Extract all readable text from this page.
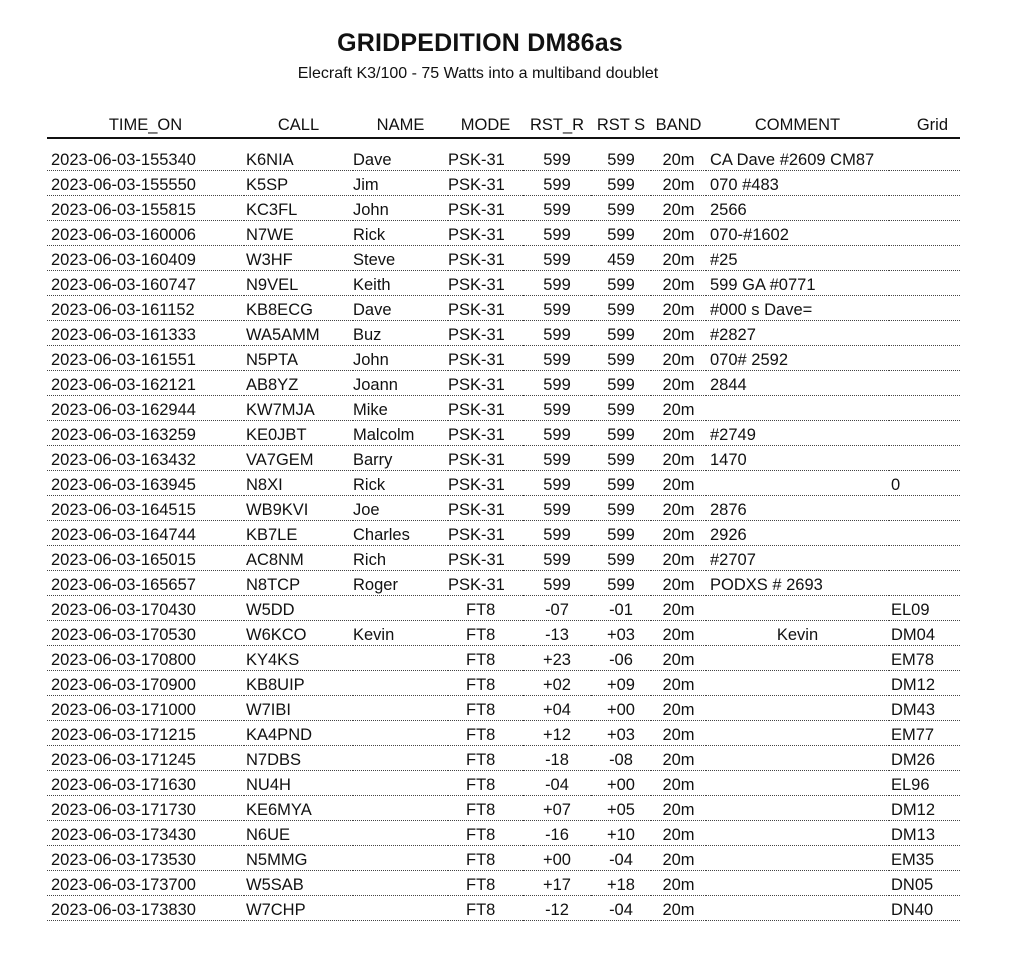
GRIDPEDITION DM86as
Elecraft K3/100 - 75 Watts into a multiband doublet
TIME_ON	CALL	NAME	MODE	RST_R	RST S	BAND	COMMENT	Grid

2023-06-03-155340	K6NIA	Dave	PSK-31	599	599	20m	CA Dave #2609 CM87	
2023-06-03-155550	K5SP	Jim	PSK-31	599	599	20m	070 #483	
2023-06-03-155815	KC3FL	John	PSK-31	599	599	20m	2566	
2023-06-03-160006	N7WE	Rick	PSK-31	599	599	20m	070-#1602	
2023-06-03-160409	W3HF	Steve	PSK-31	599	459	20m	#25	
2023-06-03-160747	N9VEL	Keith	PSK-31	599	599	20m	599 GA #0771	
2023-06-03-161152	KB8ECG	Dave	PSK-31	599	599	20m	#000 s Dave=	
2023-06-03-161333	WA5AMM	Buz	PSK-31	599	599	20m	#2827	
2023-06-03-161551	N5PTA	John	PSK-31	599	599	20m	070# 2592	
2023-06-03-162121	AB8YZ	Joann	PSK-31	599	599	20m	2844	
2023-06-03-162944	KW7MJA	Mike	PSK-31	599	599	20m		
2023-06-03-163259	KE0JBT	Malcolm	PSK-31	599	599	20m	#2749	
2023-06-03-163432	VA7GEM	Barry	PSK-31	599	599	20m	1470	
2023-06-03-163945	N8XI	Rick	PSK-31	599	599	20m		0
2023-06-03-164515	WB9KVI	Joe	PSK-31	599	599	20m	2876	
2023-06-03-164744	KB7LE	Charles	PSK-31	599	599	20m	2926	
2023-06-03-165015	AC8NM	Rich	PSK-31	599	599	20m	#2707	
2023-06-03-165657	N8TCP	Roger	PSK-31	599	599	20m	PODXS # 2693	
2023-06-03-170430	W5DD		FT8	-07	-01	20m		EL09
2023-06-03-170530	W6KCO	Kevin	FT8	-13	+03	20m	Kevin	DM04
2023-06-03-170800	KY4KS		FT8	+23	-06	20m		EM78
2023-06-03-170900	KB8UIP		FT8	+02	+09	20m		DM12
2023-06-03-171000	W7IBI		FT8	+04	+00	20m		DM43
2023-06-03-171215	KA4PND		FT8	+12	+03	20m		EM77
2023-06-03-171245	N7DBS		FT8	-18	-08	20m		DM26
2023-06-03-171630	NU4H		FT8	-04	+00	20m		EL96
2023-06-03-171730	KE6MYA		FT8	+07	+05	20m		DM12
2023-06-03-173430	N6UE		FT8	-16	+10	20m		DM13
2023-06-03-173530	N5MMG		FT8	+00	-04	20m		EM35
2023-06-03-173700	W5SAB		FT8	+17	+18	20m		DN05
2023-06-03-173830	W7CHP		FT8	-12	-04	20m		DN40
